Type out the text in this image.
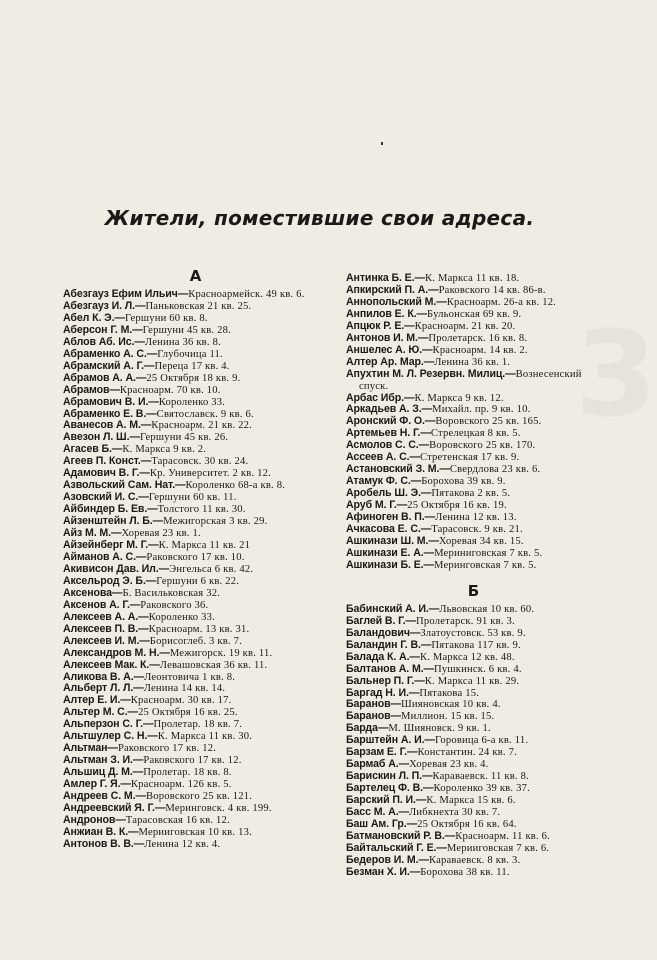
3
Жители, поместившие свои адреса.
А
Абезгауз Ефим Ильич—Красноармейск. 49 кв. 6.
Абезгауз И. Л.—Паньковская 21 кв. 25.
Абел К. Э.—Гершуни 60 кв. 8.
Аберсон Г. М.—Гершуни 45 кв. 28.
Аблов Аб. Ис.—Ленина 36 кв. 8.
Абраменко А. С.—Глубочица 11.
Абрамский А. Г.—Переца 17 кв. 4.
Абрамов А. А.—25 Октября 18 кв. 9.
Абрамов—Красноарм. 70 кв. 10.
Абрамович В. И.—Короленко 33.
Абраменко Е. В.—Святославск. 9 кв. 6.
Аванесов А. М.—Красноарм. 21 кв. 22.
Авезон Л. Ш.—Гершуни 45 кв. 26.
Агасев Б.—К. Маркса 9 кв. 2.
Агеев П. Конст.—Тарасовск. 30 кв. 24.
Адамович В. Г.—Кр. Университет. 2 кв. 12.
Азвольский Сам. Нат.—Короленко 68-а кв. 8.
Азовский И. С.—Гершуни 60 кв. 11.
Айбиндер Б. Ев.—Толстого 11 кв. 30.
Айзенштейн Л. Б.—Межигорская 3 кв. 29.
Айз М. М.—Хоревая 23 кв. 1.
Айзейнберг М. Г.—К. Маркса 11 кв. 21
Айманов А. С.—Раковского 17 кв. 10.
Акивисон Дав. Ил.—Энгельса 6 кв. 42.
Аксельрод Э. Б.—Гершуни 6 кв. 22.
Аксенова—Б. Васильковская 32.
Аксенов А. Г.—Раковского 36.
Алексеев А. А.—Короленко 33.
Алексеев П. В.—Красноарм. 13 кв. 31.
Алексеев И. М.—Борисоглеб. 3 кв. 7.
Александров М. Н.—Межигорск. 19 кв. 11.
Алексеев Мак. К.—Левашовская 36 кв. 11.
Аликова В. А.—Леонтовича 1 кв. 8.
Альберт Л. Л.—Ленина 14 кв. 14.
Алтер Е. И.—Красноарм. 30 кв. 17.
Альтер М. С.—25 Октября 16 кв. 25.
Альперзон С. Г.—Пролетар. 18 кв. 7.
Альтшулер С. Н.—К. Маркса 11 кв. 30.
Альтман—Раковского 17 кв. 12.
Альтман З. И.—Раковского 17 кв. 12.
Альшиц Д. М.—Пролетар. 18 кв. 8.
Амлер Г. Я.—Красноарм. 126 кв. 5.
Андреев С. М.—Воровского 25 кв. 121.
Андреевский Я. Г.—Меринговск. 4 кв. 199.
Андронов—Тарасовская 16 кв. 12.
Анжиан В. К.—Мерииговская 10 кв. 13.
Антонов В. В.—Ленина 12 кв. 4.
Антинка Б. Е.—К. Маркса 11 кв. 18.
Апкирский П. А.—Раковского 14 кв. 86-в.
Аннопольский М.—Красноарм. 26-а кв. 12.
Анпилов Е. К.—Бульонская 69 кв. 9.
Апцюк Р. Е.—Красноарм. 21 кв. 20.
Антонов И. М.—Пролетарск. 16 кв. 8.
Аншелес А. Ю.—Красноарм. 14 кв. 2.
Алтер Ар. Мар.—Ленина 36 кв. 1.
Апухтин М. Л. Резервн. Милиц.—Вознесенский спуск.
Арбас Ибр.—К. Маркса 9 кв. 12.
Аркадьев А. З.—Михайл. пр. 9 кв. 10.
Аронский Ф. О.—Воровского 25 кв. 165.
Артемьев Н. Г.—Стрелецкая 8 кв. 5.
Асмолов С. С.—Воровского 25 кв. 170.
Ассеев А. С.—Стретенская 17 кв. 9.
Астановский З. М.—Свердлова 23 кв. 6.
Атамук Ф. С.—Борохова 39 кв. 9.
Аробель Ш. Э.—Пятакова 2 кв. 5.
Аруб М. Г.—25 Октября 16 кв. 19.
Афиноген В. П.—Ленина 12 кв. 13.
Ачкасова Е. С.—Тарасовск. 9 кв. 21.
Ашкинази Ш. М.—Хоревая 34 кв. 15.
Ашкинази Е. А.—Мериниговская 7 кв. 5.
Ашкинази Б. Е.—Меринговская 7 кв. 5.
Б
Бабинский А. И.—Львовская 10 кв. 60.
Баглей В. Г.—Пролетарск. 91 кв. 3.
Баландович—Златоустовск. 53 кв. 9.
Баландин Г. В.—Пятакова 117 кв. 9.
Балада К. А.—К. Маркса 12 кв. 48.
Балтанов А. М.—Пушкинск. 6 кв. 4.
Бальнер П. Г.—К. Маркса 11 кв. 29.
Баргад Н. И.—Пятакова 15.
Баранов—Шияновская 10 кв. 4.
Баранов—Миллион. 15 кв. 15.
Барда—М. Шияновск. 9 кв. 1.
Барштейн А. И.—Горовица 6-а кв. 11.
Барзам Е. Г.—Константин. 24 кв. 7.
Бармаб А.—Хоревая 23 кв. 4.
Барискин Л. П.—Караваевск. 11 кв. 8.
Бартелец Ф. В.—Короленко 39 кв. 37.
Барский П. И.—К. Маркса 15 кв. 6.
Басс М. А.—Либкнехта 30 кв. 7.
Баш Ам. Гр.—25 Октября 16 кв. 64.
Батмановский Р. В.—Красноарм. 11 кв. 6.
Байтальский Г. Е.—Мерииговская 7 кв. 6.
Бедеров И. М.—Караваевск. 8 кв. 3.
Безман Х. И.—Борохова 38 кв. 11.
